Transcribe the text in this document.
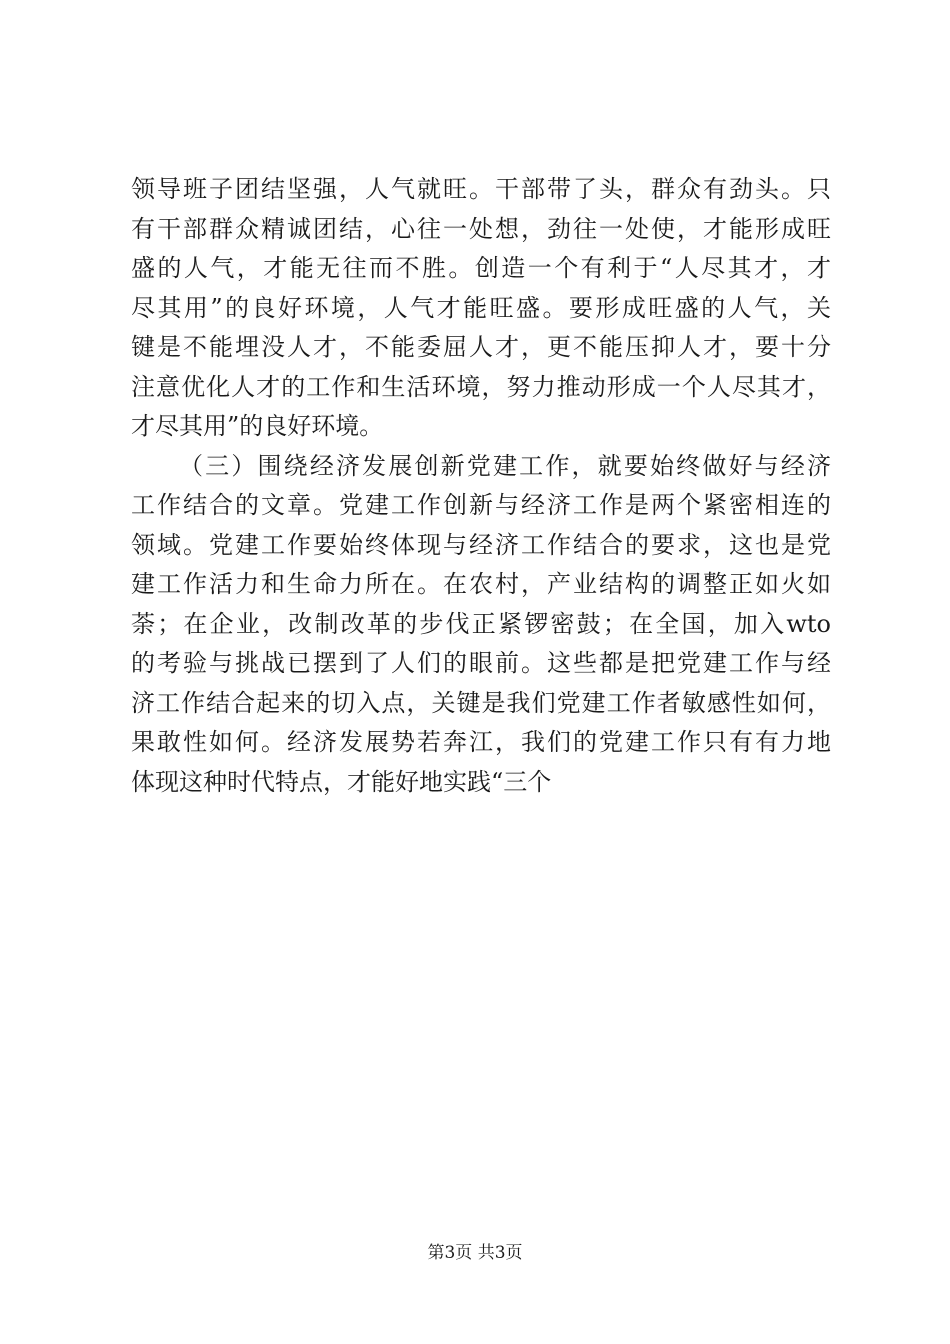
领导班子团结坚强，人气就旺。干部带了头，群众有劲头。只
有干部群众精诚团结，心往一处想，劲往一处使，才能形成旺
盛的人气，才能无往而不胜。创造一个有利于“人尽其才，才
尽其用”的良好环境，人气才能旺盛。要形成旺盛的人气，关
键是不能埋没人才，不能委屈人才，更不能压抑人才，要十分
注意优化人才的工作和生活环境，努力推动形成一个人尽其才，
才尽其用”的良好环境。
（三）围绕经济发展创新党建工作，就要始终做好与经济
工作结合的文章。党建工作创新与经济工作是两个紧密相连的
领域。党建工作要始终体现与经济工作结合的要求，这也是党
建工作活力和生命力所在。在农村，产业结构的调整正如火如
荼；在企业，改制改革的步伐正紧锣密鼓；在全国，加入wto
的考验与挑战已摆到了人们的眼前。这些都是把党建工作与经
济工作结合起来的切入点，关键是我们党建工作者敏感性如何，
果敢性如何。经济发展势若奔江，我们的党建工作只有有力地
体现这种时代特点，才能好地实践“三个
第3页 共3页
